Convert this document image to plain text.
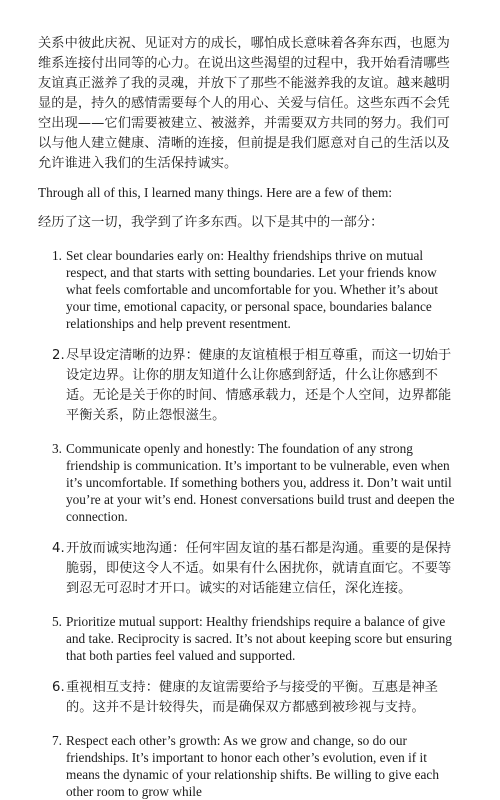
关系中彼此庆祝、见证对方的成长，哪怕成长意味着各奔东西，也愿为维系连接付出同等的心力。在说出这些渴望的过程中，我开始看清哪些友谊真正滋养了我的灵魂，并放下了那些不能滋养我的友谊。越来越明显的是，持久的感情需要每个人的用心、关爱与信任。这些东西不会凭空出现——它们需要被建立、被滋养，并需要双方共同的努力。我们可以与他人建立健康、清晰的连接，但前提是我们愿意对自己的生活以及允许谁进入我们的生活保持诚实。

Through all of this, I learned many things. Here are a few of them:

经历了这一切，我学到了许多东西。以下是其中的一部分：

1. Set clear boundaries early on: Healthy friendships thrive on mutual respect, and that starts with setting boundaries. Let your friends know what feels comfortable and uncomfortable for you. Whether it’s about your time, emotional capacity, or personal space, boundaries balance relationships and help prevent resentment.
2. 尽早设定清晰的边界：健康的友谊植根于相互尊重，而这一切始于设定边界。让你的朋友知道什么让你感到舒适，什么让你感到不适。无论是关于你的时间、情感承载力，还是个人空间，边界都能平衡关系，防止怨恨滋生。
3. Communicate openly and honestly: The foundation of any strong friendship is communication. It’s important to be vulnerable, even when it’s uncomfortable. If something bothers you, address it. Don’t wait until you’re at your wit’s end. Honest conversations build trust and deepen the connection.
4. 开放而诚实地沟通：任何牢固友谊的基石都是沟通。重要的是保持脆弱，即使这令人不适。如果有什么困扰你，就请直面它。不要等到忍无可忍时才开口。诚实的对话能建立信任，深化连接。
5. Prioritize mutual support: Healthy friendships require a balance of give and take. Reciprocity is sacred. It’s not about keeping score but ensuring that both parties feel valued and supported.
6. 重视相互支持：健康的友谊需要给予与接受的平衡。互惠是神圣的。这并不是计较得失，而是确保双方都感到被珍视与支持。
7. Respect each other’s growth: As we grow and change, so do our friendships. It’s important to honor each other’s evolution, even if it means the dynamic of your relationship shifts. Be willing to give each other room to grow while
